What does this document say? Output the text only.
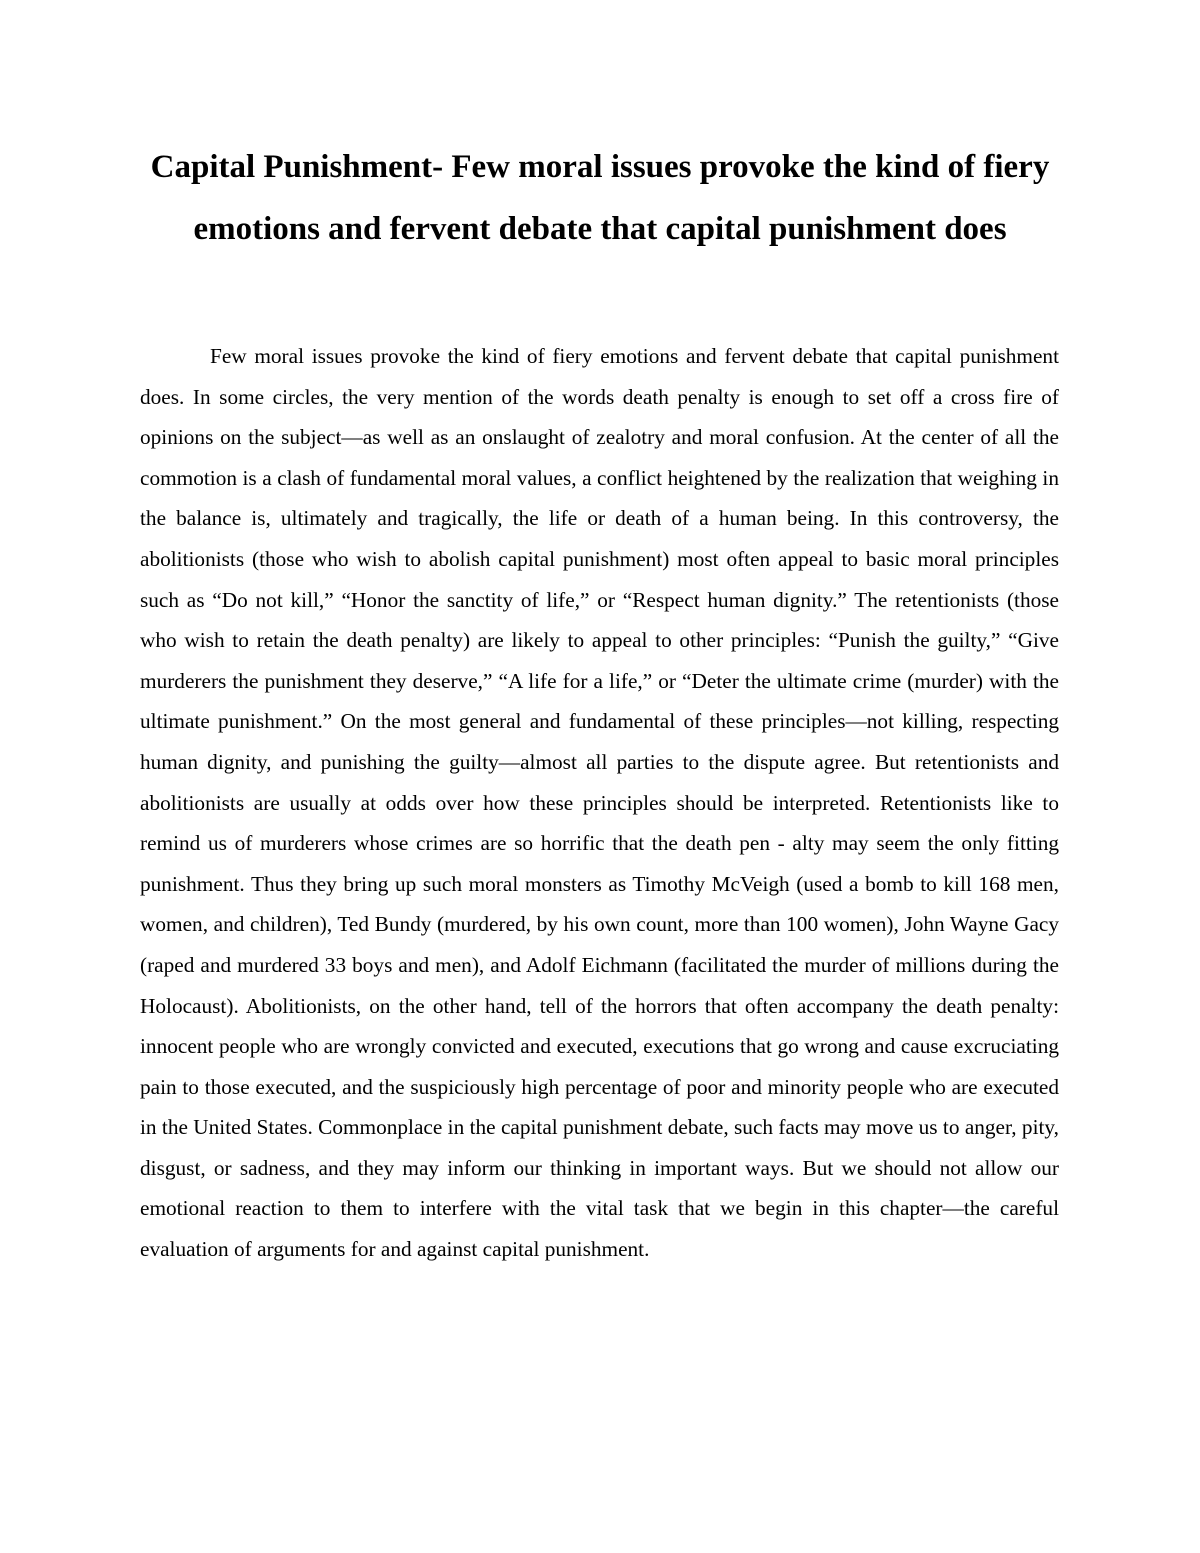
Capital Punishment- Few moral issues provoke the kind of fiery emotions and fervent debate that capital punishment does

Few moral issues provoke the kind of fiery emotions and fervent debate that capital punishment does. In some circles, the very mention of the words death penalty is enough to set off a cross fire of opinions on the subject—as well as an onslaught of zealotry and moral confusion. At the center of all the commotion is a clash of fundamental moral values, a conflict heightened by the realization that weighing in the balance is, ultimately and tragically, the life or death of a human being. In this controversy, the abolitionists (those who wish to abolish capital punishment) most often appeal to basic moral principles such as “Do not kill,” “Honor the sanctity of life,” or “Respect human dignity.” The retentionists (those who wish to retain the death penalty) are likely to appeal to other principles: “Punish the guilty,” “Give murderers the punishment they deserve,” “A life for a life,” or “Deter the ultimate crime (murder) with the ultimate punishment.” On the most general and fundamental of these principles—not killing, respecting human dignity, and punishing the guilty—almost all parties to the dispute agree. But retentionists and abolitionists are usually at odds over how these principles should be interpreted. Retentionists like to remind us of murderers whose crimes are so horrific that the death pen - alty may seem the only fitting punishment. Thus they bring up such moral monsters as Timothy McVeigh (used a bomb to kill 168 men, women, and children), Ted Bundy (murdered, by his own count, more than 100 women), John Wayne Gacy (raped and murdered 33 boys and men), and Adolf Eichmann (facilitated the murder of millions during the Holocaust). Abolitionists, on the other hand, tell of the horrors that often accompany the death penalty: innocent people who are wrongly convicted and executed, executions that go wrong and cause excruciating pain to those executed, and the suspiciously high percentage of poor and minority people who are executed in the United States. Commonplace in the capital punishment debate, such facts may move us to anger, pity, disgust, or sadness, and they may inform our thinking in important ways. But we should not allow our emotional reaction to them to interfere with the vital task that we begin in this chapter—the careful evaluation of arguments for and against capital punishment.
